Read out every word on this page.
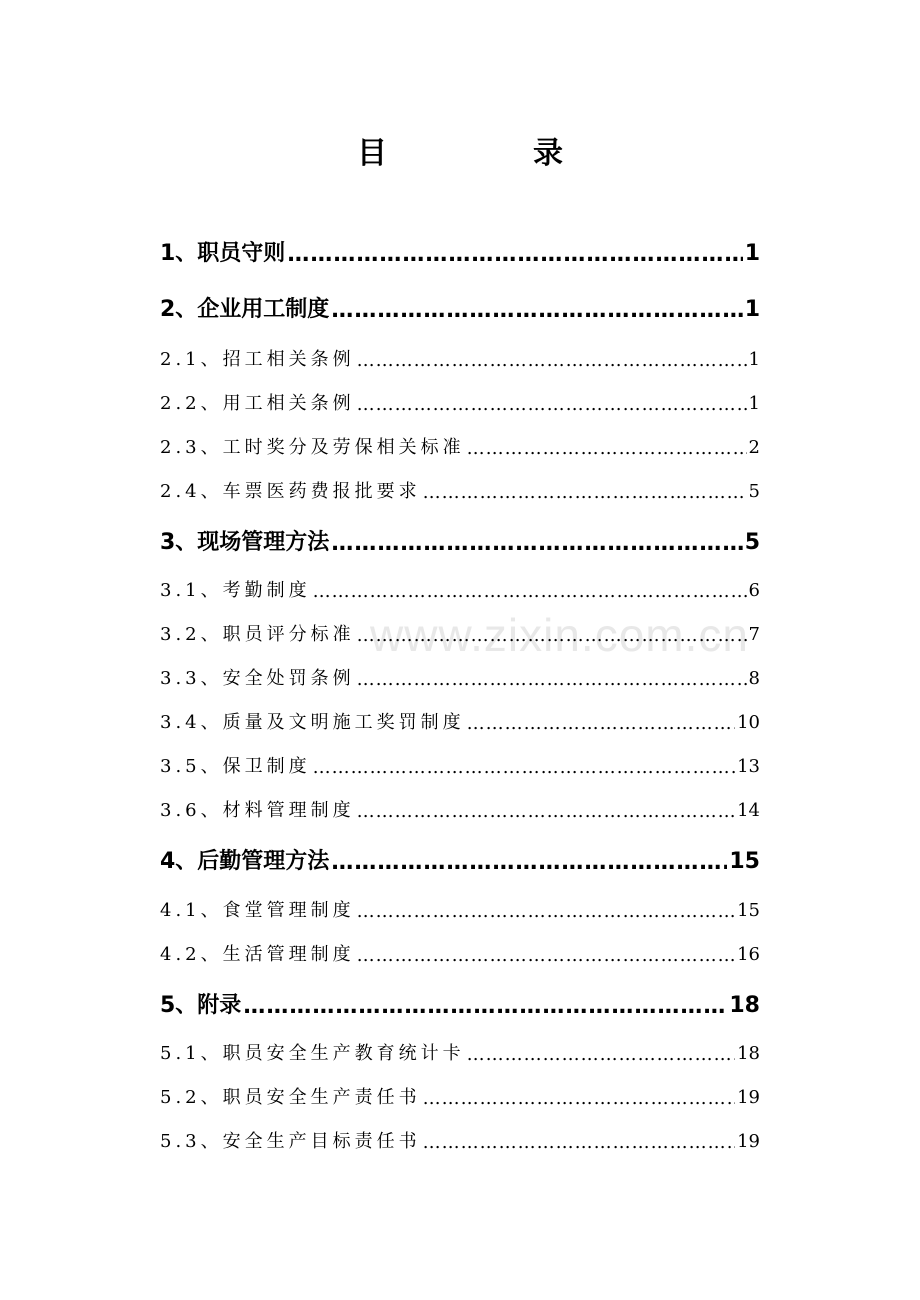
目　录
www.zixin.com.cn
1、职员守则 …………………………………………………………………………………………………………………………………………………………	1
2、企业用工制度 …………………………………………………………………………………………………………………………………………………………	1
2.1、招工相关条例 …………………………………………………………………………………………………………………………………………………………	1
2.2、用工相关条例 …………………………………………………………………………………………………………………………………………………………	1
2.3、工时奖分及劳保相关标准 …………………………………………………………………………………………………………………………………………………………	2
2.4、车票医药费报批要求 …………………………………………………………………………………………………………………………………………………………	5
3、现场管理方法 …………………………………………………………………………………………………………………………………………………………	5
3.1、考勤制度 …………………………………………………………………………………………………………………………………………………………	6
3.2、职员评分标准 …………………………………………………………………………………………………………………………………………………………	7
3.3、安全处罚条例 …………………………………………………………………………………………………………………………………………………………	8
3.4、质量及文明施工奖罚制度 …………………………………………………………………………………………………………………………………………………………	10
3.5、保卫制度 …………………………………………………………………………………………………………………………………………………………	13
3.6、材料管理制度 …………………………………………………………………………………………………………………………………………………………	14
4、后勤管理方法 …………………………………………………………………………………………………………………………………………………………	15
4.1、食堂管理制度 …………………………………………………………………………………………………………………………………………………………	15
4.2、生活管理制度 …………………………………………………………………………………………………………………………………………………………	16
5、附录 …………………………………………………………………………………………………………………………………………………………	18
5.1、职员安全生产教育统计卡 …………………………………………………………………………………………………………………………………………………………	18
5.2、职员安全生产责任书 …………………………………………………………………………………………………………………………………………………………	19
5.3、安全生产目标责任书 …………………………………………………………………………………………………………………………………………………………	19
